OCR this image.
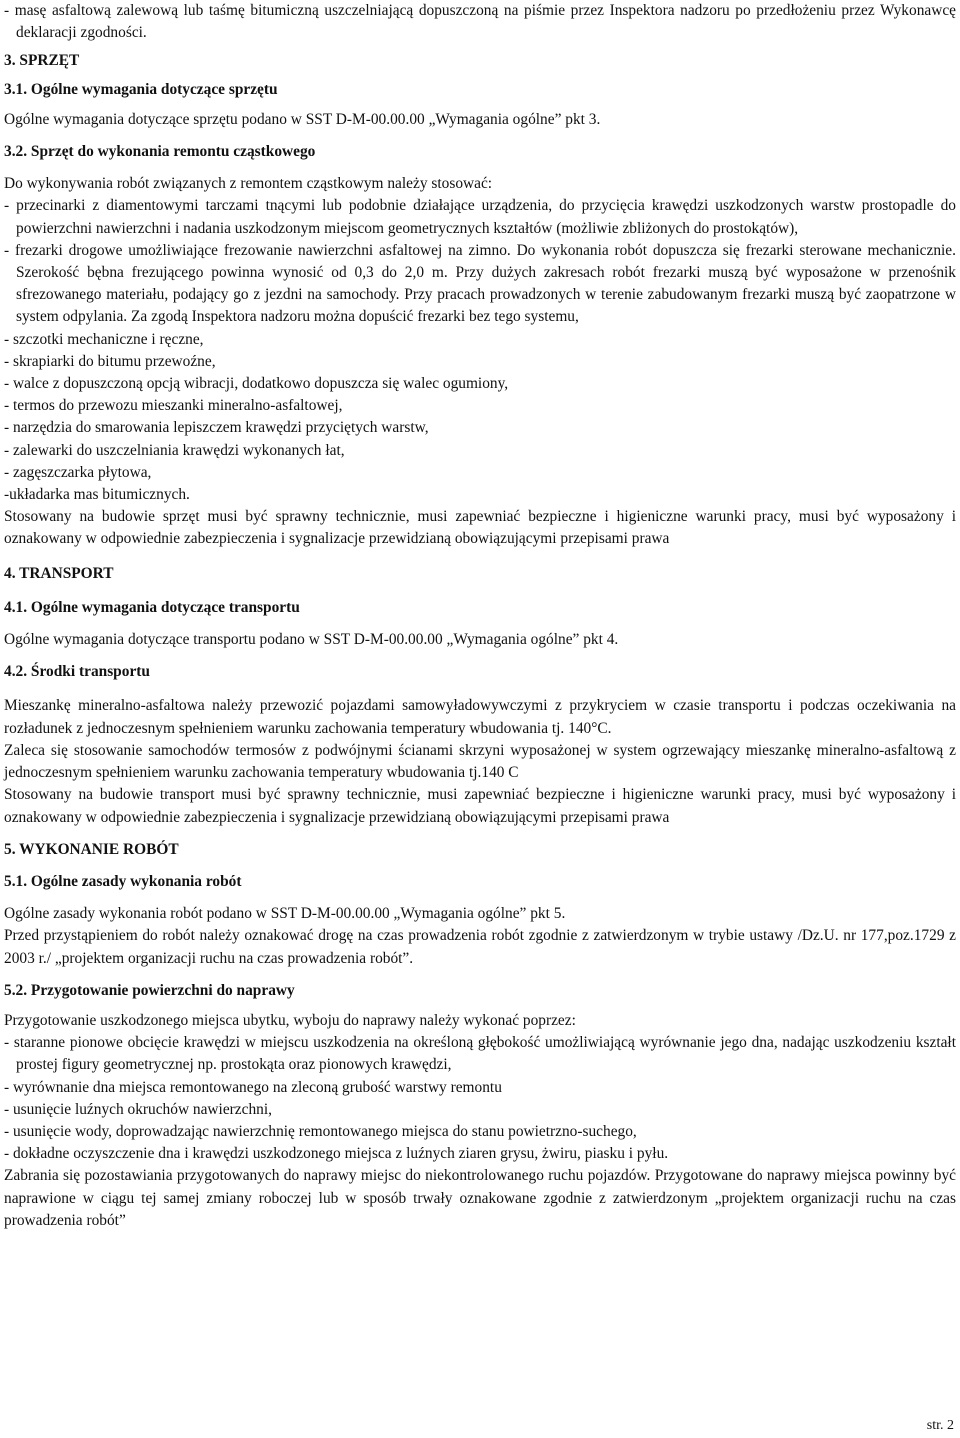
- masę asfaltową zalewową lub taśmę bitumiczną uszczelniającą dopuszczoną na piśmie przez Inspektora nadzoru po przedłożeniu przez Wykonawcę deklaracji zgodności.

3. SPRZĘT
3.1. Ogólne wymagania dotyczące sprzętu

Ogólne wymagania dotyczące sprzętu podano w SST D-M-00.00.00 „Wymagania ogólne” pkt 3.

3.2. Sprzęt do wykonania remontu cząstkowego

Do wykonywania robót związanych z remontem cząstkowym należy stosować:

- przecinarki z diamentowymi tarczami tnącymi lub podobnie działające urządzenia, do przycięcia krawędzi uszkodzonych warstw prostopadle do powierzchni nawierzchni i nadania uszkodzonym miejscom geometrycznych kształtów (możliwie zbliżonych do prostokątów),
- frezarki drogowe umożliwiające frezowanie nawierzchni asfaltowej na zimno. Do wykonania robót dopuszcza się frezarki sterowane mechanicznie. Szerokość bębna frezującego powinna wynosić od 0,3 do 2,0 m. Przy dużych zakresach robót frezarki muszą być wyposażone w przenośnik sfrezowanego materiału, podający go z jezdni na samochody. Przy pracach prowadzonych w terenie zabudowanym frezarki muszą być zaopatrzone w system odpylania. Za zgodą Inspektora nadzoru można dopuścić frezarki bez tego systemu,
- szczotki mechaniczne i ręczne,
- skrapiarki do bitumu przewoźne,
- walce z dopuszczoną opcją wibracji, dodatkowo dopuszcza się walec ogumiony,
- termos do przewozu mieszanki mineralno-asfaltowej,
- narzędzia do smarowania lepiszczem krawędzi przyciętych warstw,
- zalewarki do uszczelniania krawędzi wykonanych łat,
- zagęszczarka płytowa,
-układarka mas bitumicznych.

Stosowany na budowie sprzęt musi być sprawny technicznie, musi zapewniać bezpieczne i higieniczne warunki pracy, musi być wyposażony i oznakowany w odpowiednie zabezpieczenia i sygnalizacje przewidzianą obowiązującymi przepisami prawa

4. TRANSPORT
4.1. Ogólne wymagania dotyczące transportu

Ogólne wymagania dotyczące transportu podano w SST D-M-00.00.00 „Wymagania ogólne” pkt 4.

4.2. Środki transportu

Mieszankę mineralno-asfaltowa należy przewozić pojazdami samowyładowywczymi z przykryciem w czasie transportu i podczas oczekiwania na rozładunek z jednoczesnym spełnieniem warunku zachowania temperatury wbudowania tj. 140°C.

Zaleca się stosowanie samochodów termosów z podwójnymi ścianami skrzyni wyposażonej w system ogrzewający mieszankę mineralno-asfaltową z jednoczesnym spełnieniem warunku zachowania temperatury wbudowania tj.140 C

Stosowany na budowie transport musi być sprawny technicznie, musi zapewniać bezpieczne i higieniczne warunki pracy, musi być wyposażony i oznakowany w odpowiednie zabezpieczenia i sygnalizacje przewidzianą obowiązującymi przepisami prawa

5. WYKONANIE ROBÓT
5.1. Ogólne zasady wykonania robót

Ogólne zasady wykonania robót podano w SST D-M-00.00.00 „Wymagania ogólne” pkt 5.

Przed przystąpieniem do robót należy oznakować drogę na czas prowadzenia robót zgodnie z zatwierdzonym w trybie ustawy /Dz.U. nr 177,poz.1729 z 2003 r./ „projektem organizacji ruchu na czas prowadzenia robót”.

5.2. Przygotowanie powierzchni do naprawy

Przygotowanie uszkodzonego miejsca ubytku, wyboju do naprawy należy wykonać poprzez:

- staranne pionowe obcięcie krawędzi w miejscu uszkodzenia na określoną głębokość umożliwiającą wyrównanie jego dna, nadając uszkodzeniu kształt prostej figury geometrycznej np. prostokąta oraz pionowych krawędzi,
- wyrównanie dna miejsca remontowanego na zleconą grubość warstwy remontu
- usunięcie luźnych okruchów nawierzchni,
- usunięcie wody, doprowadzając nawierzchnię remontowanego miejsca do stanu powietrzno-suchego,
- dokładne oczyszczenie dna i krawędzi uszkodzonego miejsca z luźnych ziaren grysu, żwiru, piasku i pyłu.

Zabrania się pozostawiania przygotowanych do naprawy miejsc do niekontrolowanego ruchu pojazdów. Przygotowane do naprawy miejsca powinny być naprawione w ciągu tej samej zmiany roboczej lub w sposób trwały oznakowane zgodnie z zatwierdzonym „projektem organizacji ruchu na czas prowadzenia robót”

str. 2
